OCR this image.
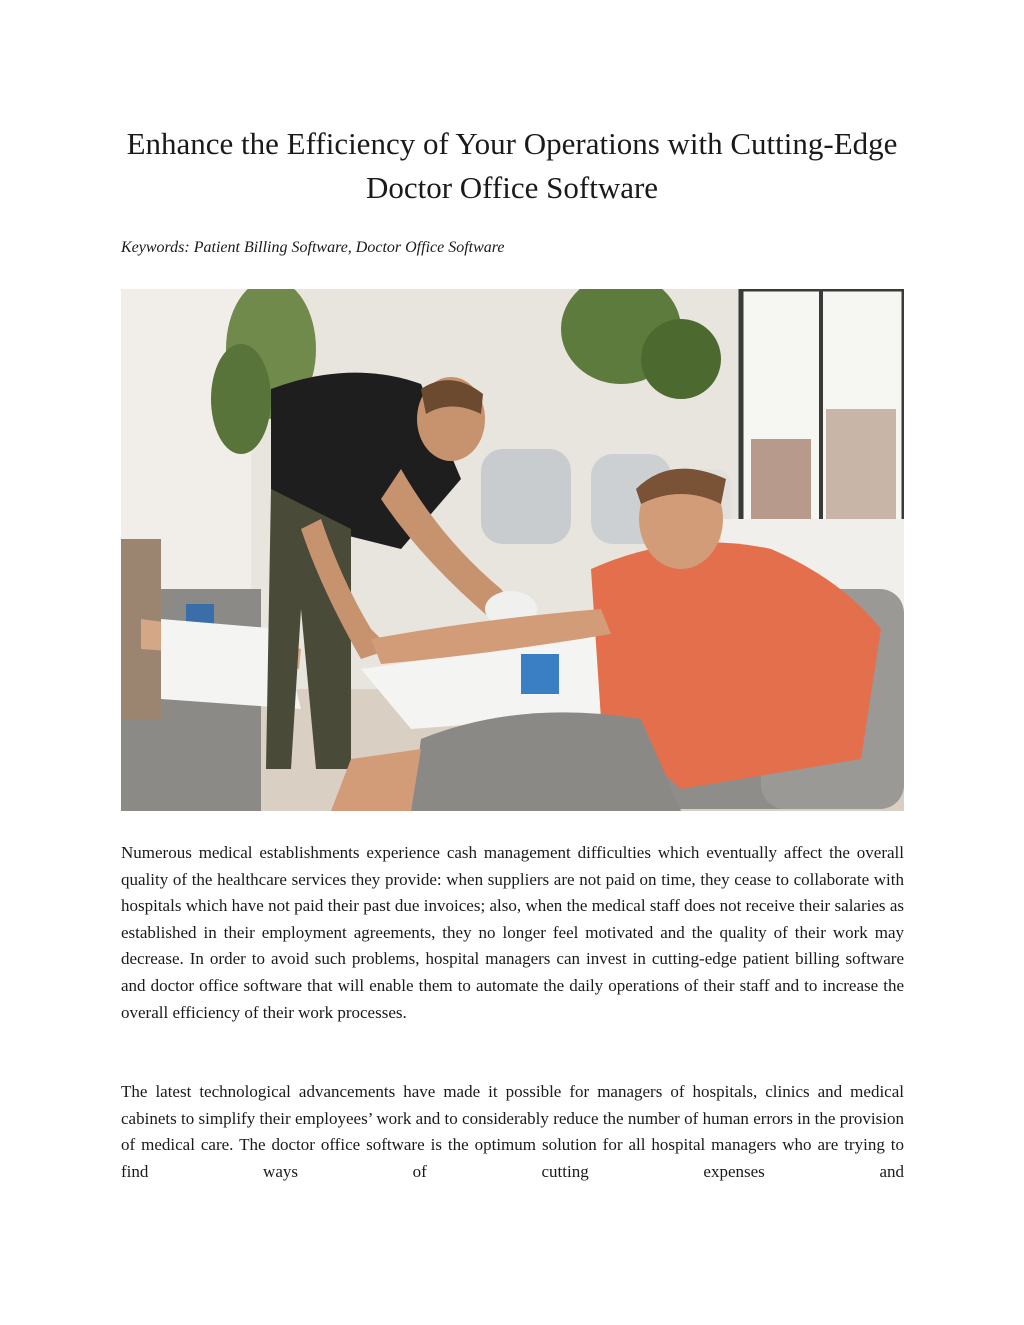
Enhance the Efficiency of Your Operations with Cutting-Edge Doctor Office Software

Keywords: Patient Billing Software, Doctor Office Software

Numerous medical establishments experience cash management difficulties which eventually affect the overall quality of the healthcare services they provide: when suppliers are not paid on time, they cease to collaborate with hospitals which have not paid their past due invoices; also, when the medical staff does not receive their salaries as established in their employment agreements, they no longer feel motivated and the quality of their work may decrease. In order to avoid such problems, hospital managers can invest in cutting-edge patient billing software and doctor office software that will enable them to automate the daily operations of their staff and to increase the overall efficiency of their work processes.

The latest technological advancements have made it possible for managers of hospitals, clinics and medical cabinets to simplify their employees’ work and to considerably reduce the number of human errors in the provision of medical care. The doctor office software is the optimum solution for all hospital managers who are trying to find ways of cutting expenses and
